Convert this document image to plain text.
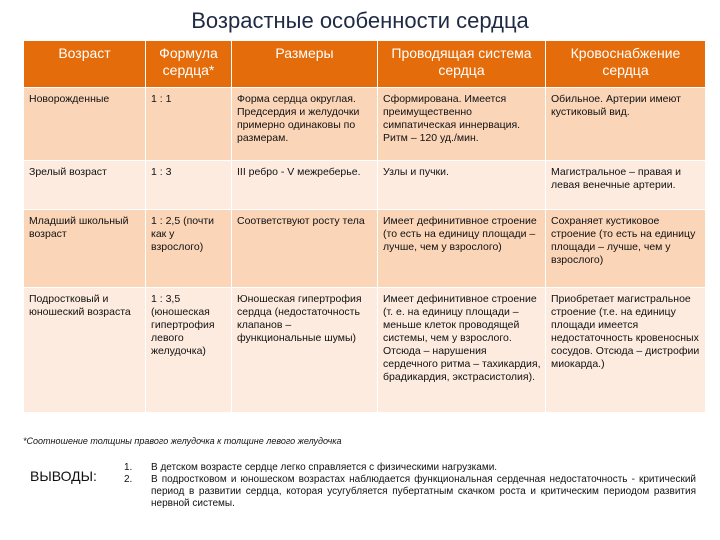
Возрастные особенности сердца
Возраст	Формула сердца*	Размеры	Проводящая система сердца	Кровоснабжение сердца
Новорожденные	1 : 1	Форма сердца округлая. Предсердия и желудочки примерно одинаковы по размерам.	Сформирована. Имеется преимущественно симпатическая иннервация. Ритм – 120 уд./мин.	Обильное. Артерии имеют кустиковый вид.
Зрелый возраст	1 : 3	III ребро - V межреберье.	Узлы и пучки.	Магистральное – правая и левая венечные артерии.
Младший школьный возраст	1 : 2,5 (почти как у взрослого)	Соответствуют росту тела	Имеет дефинитивное строение (то есть на единицу площади – лучше, чем у взрослого)	Сохраняет кустиковое строение (то есть на единицу площади – лучше, чем у взрослого)
Подростковый и юношеский возраста	1 : 3,5 (юношеская гипертрофия левого желудочка)	Юношеская гипертрофия сердца (недостаточность клапанов – функциональные шумы)	Имеет дефинитивное строение (т. е. на единицу площади – меньше клеток проводящей системы, чем у взрослого. Отсюда – нарушения сердечного ритма – тахикардия, брадикардия, экстрасистолия).	Приобретает магистральное строение (т.е. на единицу площади имеется недостаточность кровеносных сосудов. Отсюда – дистрофии миокарда.)
*Соотношение толщины правого желудочка к толщине левого желудочка
ВЫВОДЫ:
1.
2.

В детском возрасте сердце легко справляется с физическими нагрузками.

В подростковом и юношеском возрастах наблюдается функциональная сердечная недостаточность - критический период в развитии сердца, которая усугубляется пубертатным скачком роста и критическим периодом развития нервной системы.
